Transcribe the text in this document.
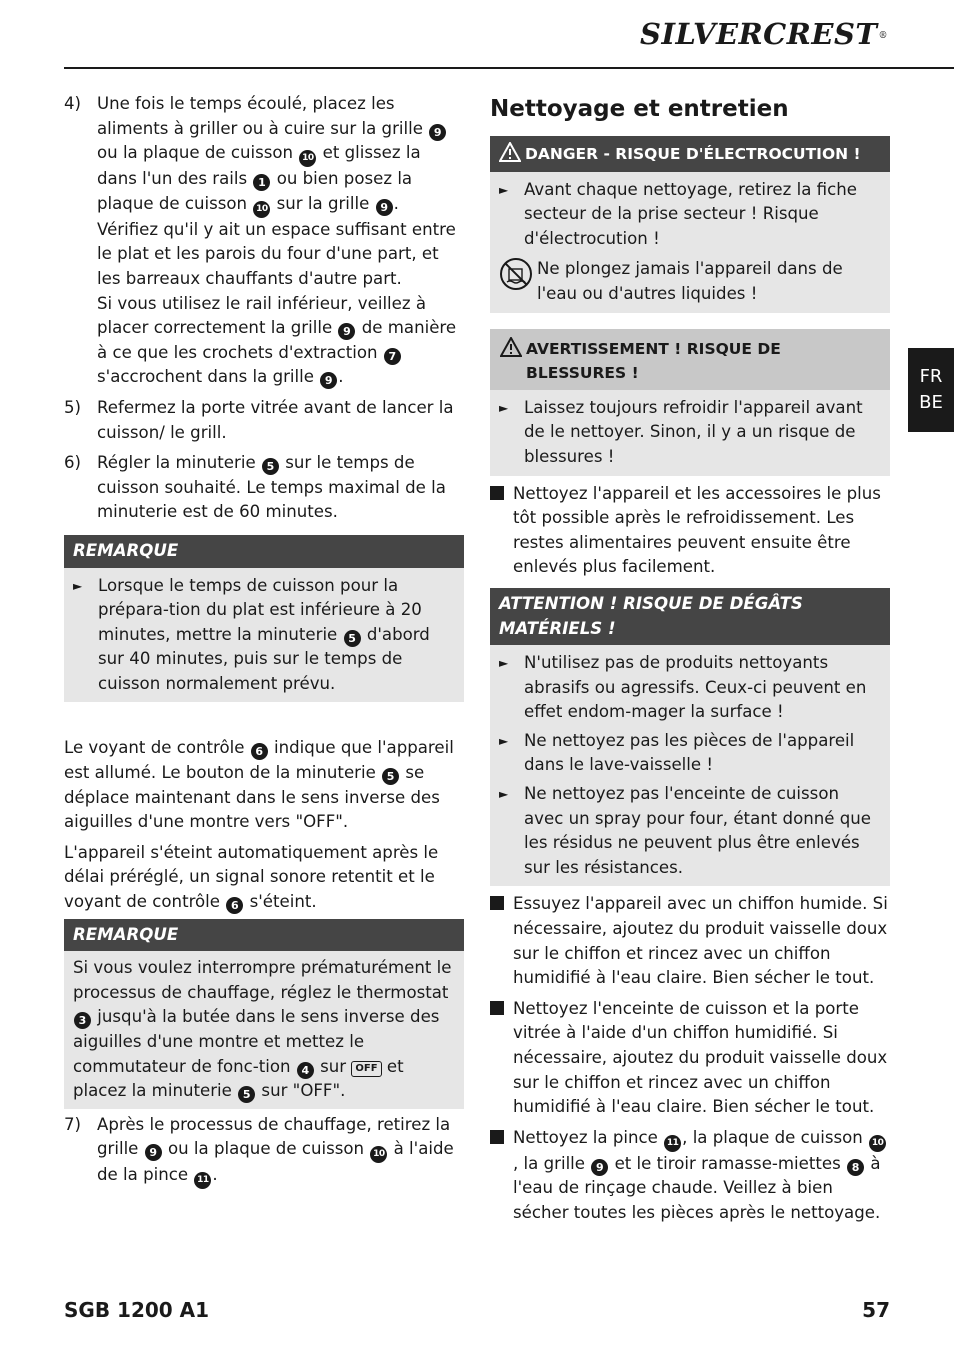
SILVERCREST®
FR
BE
4) Une fois le temps écoulé, placez les aliments à griller ou à cuire sur la grille 9 ou la plaque de cuisson 10 et glissez la dans l'un des rails 1 ou bien posez la plaque de cuisson 10 sur la grille 9 .

Vérifiez qu'il y ait un espace suffisant entre le plat et les parois du four d'une part, et les barreaux chauffants d'autre part.

Si vous utilisez le rail inférieur, veillez à placer correctement la grille 9 de manière à ce que les crochets d'extraction 7 s'accrochent dans la grille 9 .

5) Refermez la porte vitrée avant de lancer la cuisson/ le grill.
6) Régler la minuterie 5 sur le temps de cuisson souhaité. Le temps maximal de la minuterie est de 60 minutes.
REMARQUE
► Lorsque le temps de cuisson pour la prépara-tion du plat est inférieure à 20 minutes, mettre la minuterie 5 d'abord sur 40 minutes, puis sur le temps de cuisson normalement prévu.

Le voyant de contrôle 6 indique que l'appareil est allumé. Le bouton de la minuterie 5 se déplace maintenant dans le sens inverse des aiguilles d'une montre vers "OFF".

L'appareil s'éteint automatiquement après le délai préréglé, un signal sonore retentit et le voyant de contrôle 6 s'éteint.

REMARQUE

Si vous voulez interrompre prématurément le processus de chauffage, réglez le thermostat 3 jusqu'à la butée dans le sens inverse des aiguilles d'une montre et mettez le commutateur de fonc-tion 4 sur OFF et placez la minuterie 5 sur "OFF".

7) Après le processus de chauffage, retirez la grille 9 ou la plaque de cuisson 10 à l'aide de la pince 11 .
Nettoyage et entretien
DANGER - RISQUE D'ÉLECTROCUTION !
► Avant chaque nettoyage, retirez la fiche secteur de la prise secteur ! Risque d'électrocution !
Ne plongez jamais l'appareil dans de l'eau ou d'autres liquides !
AVERTISSEMENT ! RISQUE DE BLESSURES !
► Laissez toujours refroidir l'appareil avant de le nettoyer. Sinon, il y a un risque de blessures !
Nettoyez l'appareil et les accessoires le plus tôt possible après le refroidissement. Les restes alimentaires peuvent ensuite être enlevés plus facilement.
ATTENTION ! RISQUE DE DÉGÂTS MATÉRIELS !
► N'utilisez pas de produits nettoyants abrasifs ou agressifs. Ceux-ci peuvent en effet endom-mager la surface !
► Ne nettoyez pas les pièces de l'appareil dans le lave-vaisselle !
► Ne nettoyez pas l'enceinte de cuisson avec un spray pour four, étant donné que les résidus ne peuvent plus être enlevés sur les résistances.
Essuyez l'appareil avec un chiffon humide. Si nécessaire, ajoutez du produit vaisselle doux sur le chiffon et rincez avec un chiffon humidifié à l'eau claire. Bien sécher le tout.
Nettoyez l'enceinte de cuisson et la porte vitrée à l'aide d'un chiffon humidifié. Si nécessaire, ajoutez du produit vaisselle doux sur le chiffon et rincez avec un chiffon humidifié à l'eau claire. Bien sécher le tout.
Nettoyez la pince 11 , la plaque de cuisson 10, la grille 9 et le tiroir ramasse-miettes 8 à l'eau de rinçage chaude. Veillez à bien sécher toutes les pièces après le nettoyage.
SGB 1200 A1	57
